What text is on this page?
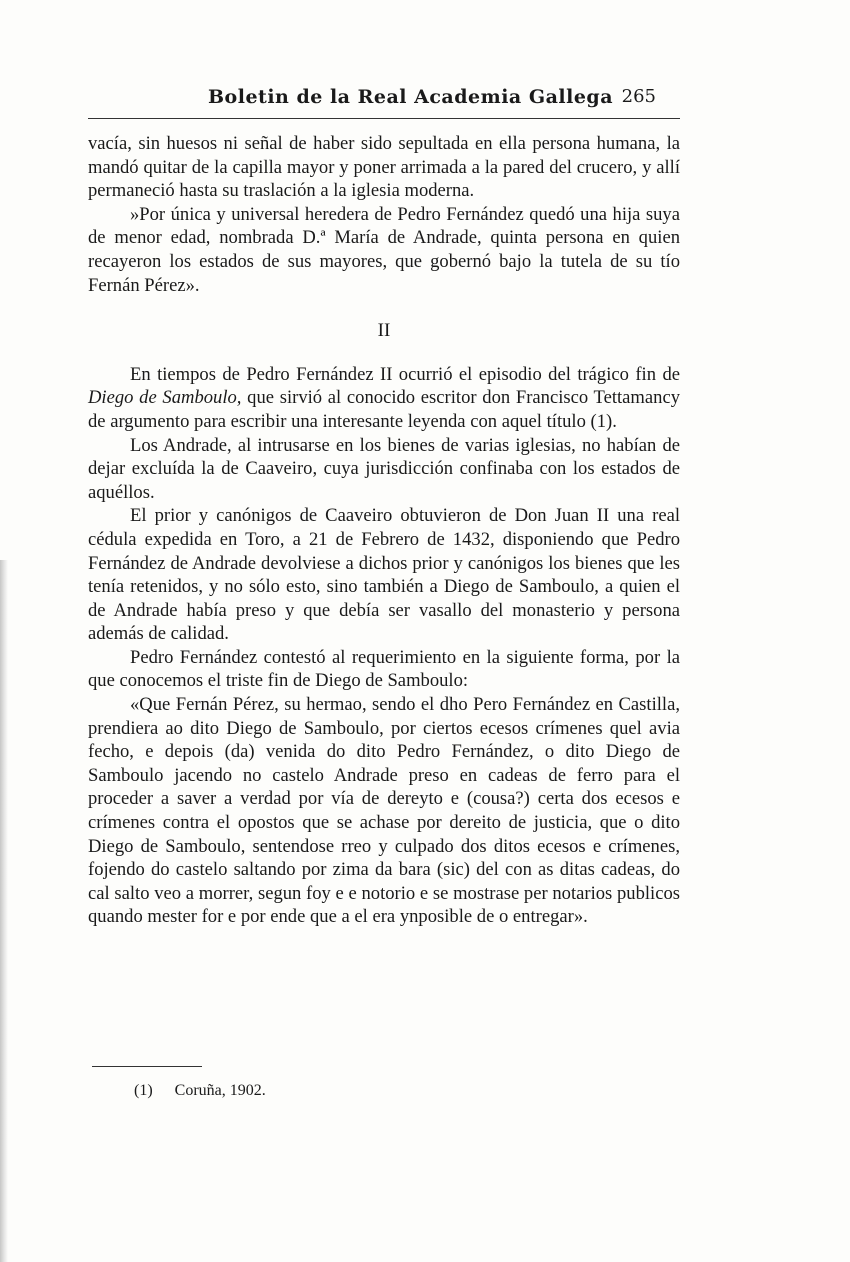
Boletin de la Real Academia Gallega 265

vacía, sin huesos ni señal de haber sido sepultada en ella persona humana, la mandó quitar de la capilla mayor y poner arrimada a la pared del crucero, y allí permaneció hasta su traslación a la iglesia moderna.

»Por única y universal heredera de Pedro Fernández quedó una hija suya de menor edad, nombrada D.ª María de Andrade, quinta persona en quien recayeron los estados de sus mayores, que gobernó bajo la tutela de su tío Fernán Pérez».

II

En tiempos de Pedro Fernández II ocurrió el episodio del trágico fin de Diego de Samboulo, que sirvió al conocido escritor don Francisco Tettamancy de argumento para escribir una interesante leyenda con aquel título (1).

Los Andrade, al intrusarse en los bienes de varias iglesias, no habían de dejar excluída la de Caaveiro, cuya jurisdicción confinaba con los estados de aquéllos.

El prior y canónigos de Caaveiro obtuvieron de Don Juan II una real cédula expedida en Toro, a 21 de Febrero de 1432, disponiendo que Pedro Fernández de Andrade devolviese a dichos prior y canónigos los bienes que les tenía retenidos, y no sólo esto, sino también a Diego de Samboulo, a quien el de Andrade había preso y que debía ser vasallo del monasterio y persona además de calidad.

Pedro Fernández contestó al requerimiento en la siguiente forma, por la que conocemos el triste fin de Diego de Samboulo:

«Que Fernán Pérez, su hermao, sendo el dho Pero Fernández en Castilla, prendiera ao dito Diego de Samboulo, por ciertos ecesos crímenes quel avia fecho, e depois (da) venida do dito Pedro Fernández, o dito Diego de Samboulo jacendo no castelo Andrade preso en cadeas de ferro para el proceder a saver a verdad por vía de dereyto e (cousa?) certa dos ecesos e crímenes contra el opostos que se achase por dereito de justicia, que o dito Diego de Samboulo, sentendose rreo y culpado dos ditos ecesos e crímenes, fojendo do castelo saltando por zima da bara (sic) del con as ditas cadeas, do cal salto veo a morrer, segun foy e e notorio e se mostrase per notarios publicos quando mester for e por ende que a el era ynposible de o entregar».

(1) Coruña, 1902.
